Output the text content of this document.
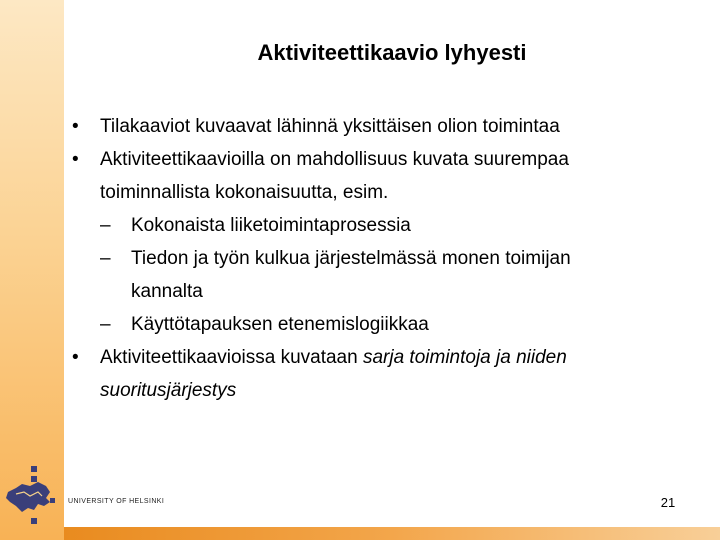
Aktiviteettikaavio lyhyesti
• Tilakaaviot kuvaavat lähinnä yksittäisen olion toimintaa
• Aktiviteettikaavioilla on mahdollisuus kuvata suurempaa
toiminnallista kokonaisuutta, esim.
– Kokonaista liiketoimintaprosessia
– Tiedon ja työn kulkua järjestelmässä monen toimijan
kannalta
– Käyttötapauksen etenemislogiikkaa
• Aktiviteettikaavioissa kuvataan sarja toimintoja ja niiden
suoritusjärjestys
UNIVERSITY OF HELSINKI	21
